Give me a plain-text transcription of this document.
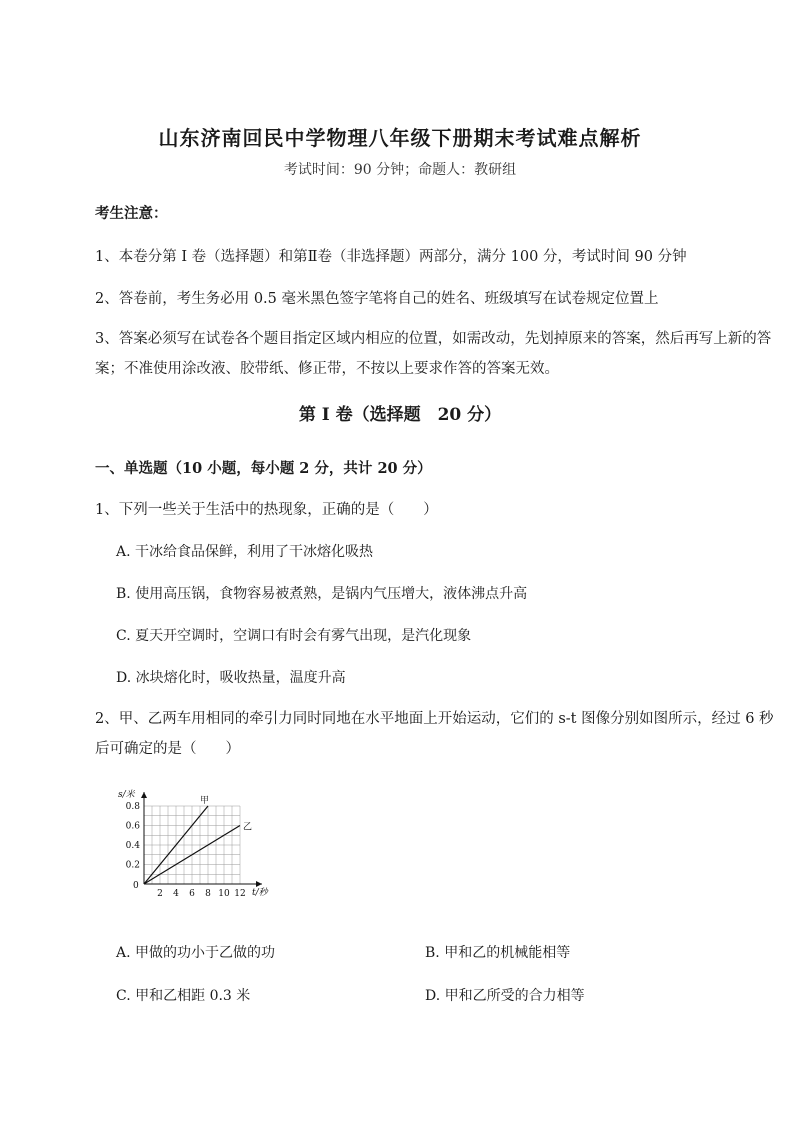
山东济南回民中学物理八年级下册期末考试难点解析
考试时间：90 分钟；命题人：教研组
考生注意：
1、本卷分第 I 卷（选择题）和第Ⅱ卷（非选择题）两部分，满分 100 分，考试时间 90 分钟
2、答卷前，考生务必用 0.5 毫米黑色签字笔将自己的姓名、班级填写在试卷规定位置上
3、答案必须写在试卷各个题目指定区域内相应的位置，如需改动，先划掉原来的答案，然后再写上新的答案；不准使用涂改液、胶带纸、修正带，不按以上要求作答的答案无效。
第 I 卷（选择题　20 分）
一、单选题（10 小题，每小题 2 分，共计 20 分）
1、下列一些关于生活中的热现象，正确的是（　　）
A. 干冰给食品保鲜，利用了干冰熔化吸热
B. 使用高压锅，食物容易被煮熟，是锅内气压增大，液体沸点升高
C. 夏天开空调时，空调口有时会有雾气出现，是汽化现象
D. 冰块熔化时，吸收热量，温度升高
2、甲、乙两车用相同的牵引力同时同地在水平地面上开始运动，它们的 s-t 图像分别如图所示，经过 6 秒后可确定的是（　　）
s/米
t/秒
0
2 4 6 8 10 12
0.2
0.4
0.6
0.8
甲
乙
A. 甲做的功小于乙做的功	B. 甲和乙的机械能相等
C. 甲和乙相距 0.3 米	D. 甲和乙所受的合力相等
